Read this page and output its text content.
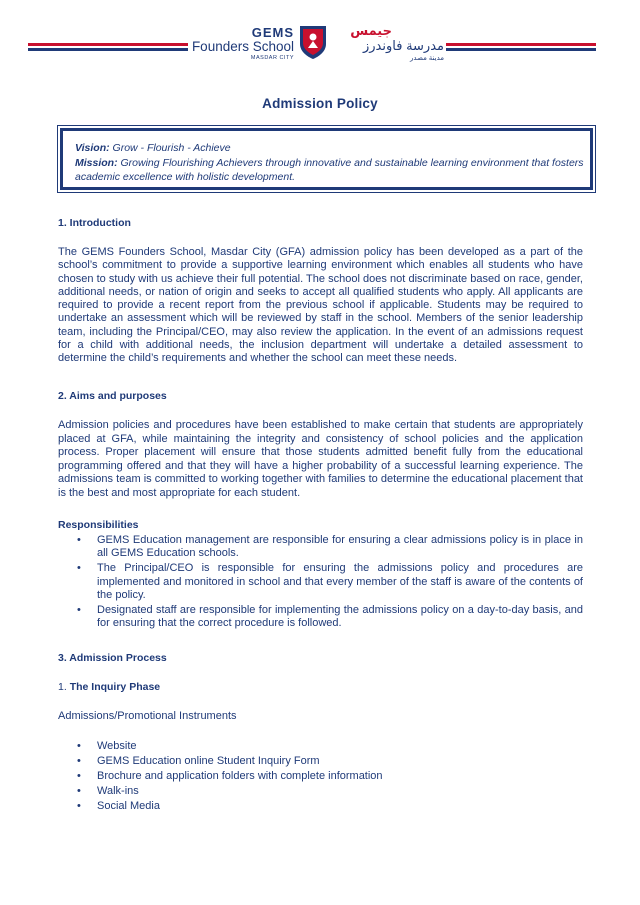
GEMS
Founders School
MASDAR CITY
جيمس
مدرسة فاوندرز
مدينة مصدر
Admission Policy

Vision: Grow - Flourish - Achieve

Mission: Growing Flourishing Achievers through innovative and sustainable learning environment that fosters academic excellence with holistic development.

1. Introduction
The GEMS Founders School, Masdar City (GFA) admission policy has been developed as a part of the school’s commitment to provide a supportive learning environment which enables all students who have chosen to study with us achieve their full potential. The school does not discriminate based on race, gender, additional needs, or nation of origin and seeks to accept all qualified students who apply. All applicants are required to provide a recent report from the previous school if applicable. Students may be required to undertake an assessment which will be reviewed by staff in the school. Members of the senior leadership team, including the Principal/CEO, may also review the application. In the event of an admissions request for a child with additional needs, the inclusion department will undertake a detailed assessment to determine the child’s requirements and whether the school can meet these needs.
2. Aims and purposes
Admission policies and procedures have been established to make certain that students are appropriately placed at GFA, while maintaining the integrity and consistency of school policies and the application process. Proper placement will ensure that those students admitted benefit fully from the educational programming offered and that they will have a higher probability of a successful learning experience. The admissions team is committed to working together with families to determine the educational placement that is the best and most appropriate for each student.
Responsibilities
• GEMS Education management are responsible for ensuring a clear admissions policy is in place in all GEMS Education schools.
• The Principal/CEO is responsible for ensuring the admissions policy and procedures are implemented and monitored in school and that every member of the staff is aware of the contents of the policy.
• Designated staff are responsible for implementing the admissions policy on a day-to-day basis, and for ensuring that the correct procedure is followed.
3. Admission Process
1. The Inquiry Phase
Admissions/Promotional Instruments
• Website
• GEMS Education online Student Inquiry Form
• Brochure and application folders with complete information
• Walk-ins
• Social Media
